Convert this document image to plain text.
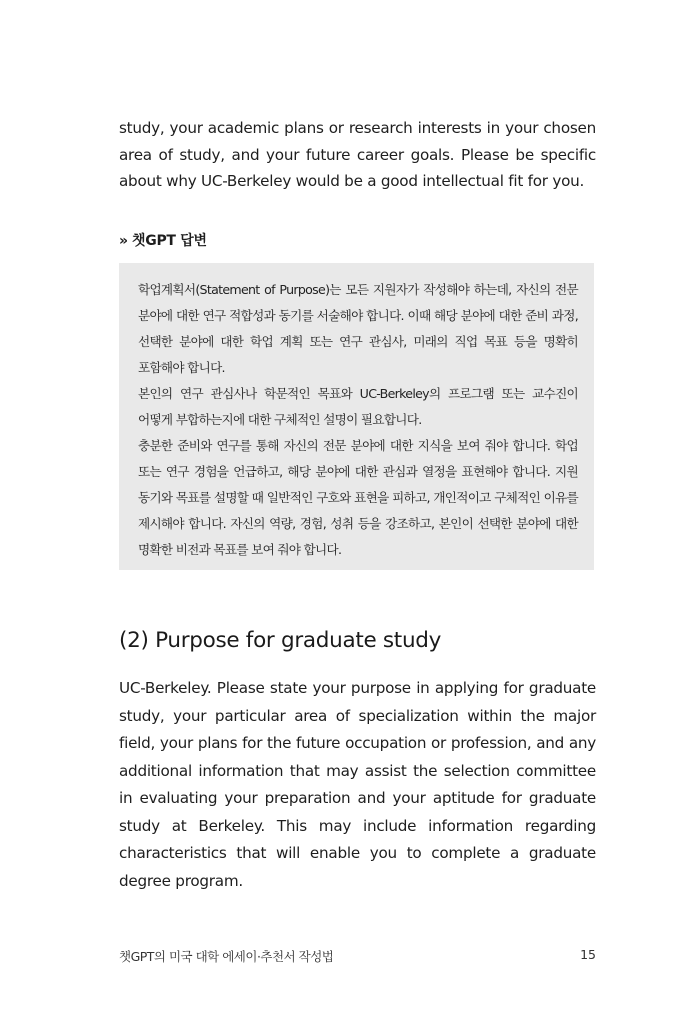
study, your academic plans or research interests in your chosen area of study, and your future career goals. Please be specific about why UC-Berkeley would be a good intellectual fit for you.

» 챗GPT 답변

학업계획서(Statement of Purpose)는 모든 지원자가 작성해야 하는데, 자신의 전문 분야에 대한 연구 적합성과 동기를 서술해야 합니다. 이때 해당 분야에 대한 준비 과정, 선택한 분야에 대한 학업 계획 또는 연구 관심사, 미래의 직업 목표 등을 명확히 포함해야 합니다.

본인의 연구 관심사나 학문적인 목표와 UC-Berkeley의 프로그램 또는 교수진이 어떻게 부합하는지에 대한 구체적인 설명이 필요합니다.

충분한 준비와 연구를 통해 자신의 전문 분야에 대한 지식을 보여 줘야 합니다. 학업 또는 연구 경험을 언급하고, 해당 분야에 대한 관심과 열정을 표현해야 합니다. 지원 동기와 목표를 설명할 때 일반적인 구호와 표현을 피하고, 개인적이고 구체적인 이유를 제시해야 합니다. 자신의 역량, 경험, 성취 등을 강조하고, 본인이 선택한 분야에 대한 명확한 비전과 목표를 보여 줘야 합니다.

(2) Purpose for graduate study

UC-Berkeley. Please state your purpose in applying for graduate study, your particular area of specialization within the major field, your plans for the future occupation or profession, and any additional information that may assist the selection committee in evaluating your preparation and your aptitude for graduate study at Berkeley. This may include information regarding characteristics that will enable you to complete a graduate degree program.

챗GPT의 미국 대학 에세이·추천서 작성법	15
